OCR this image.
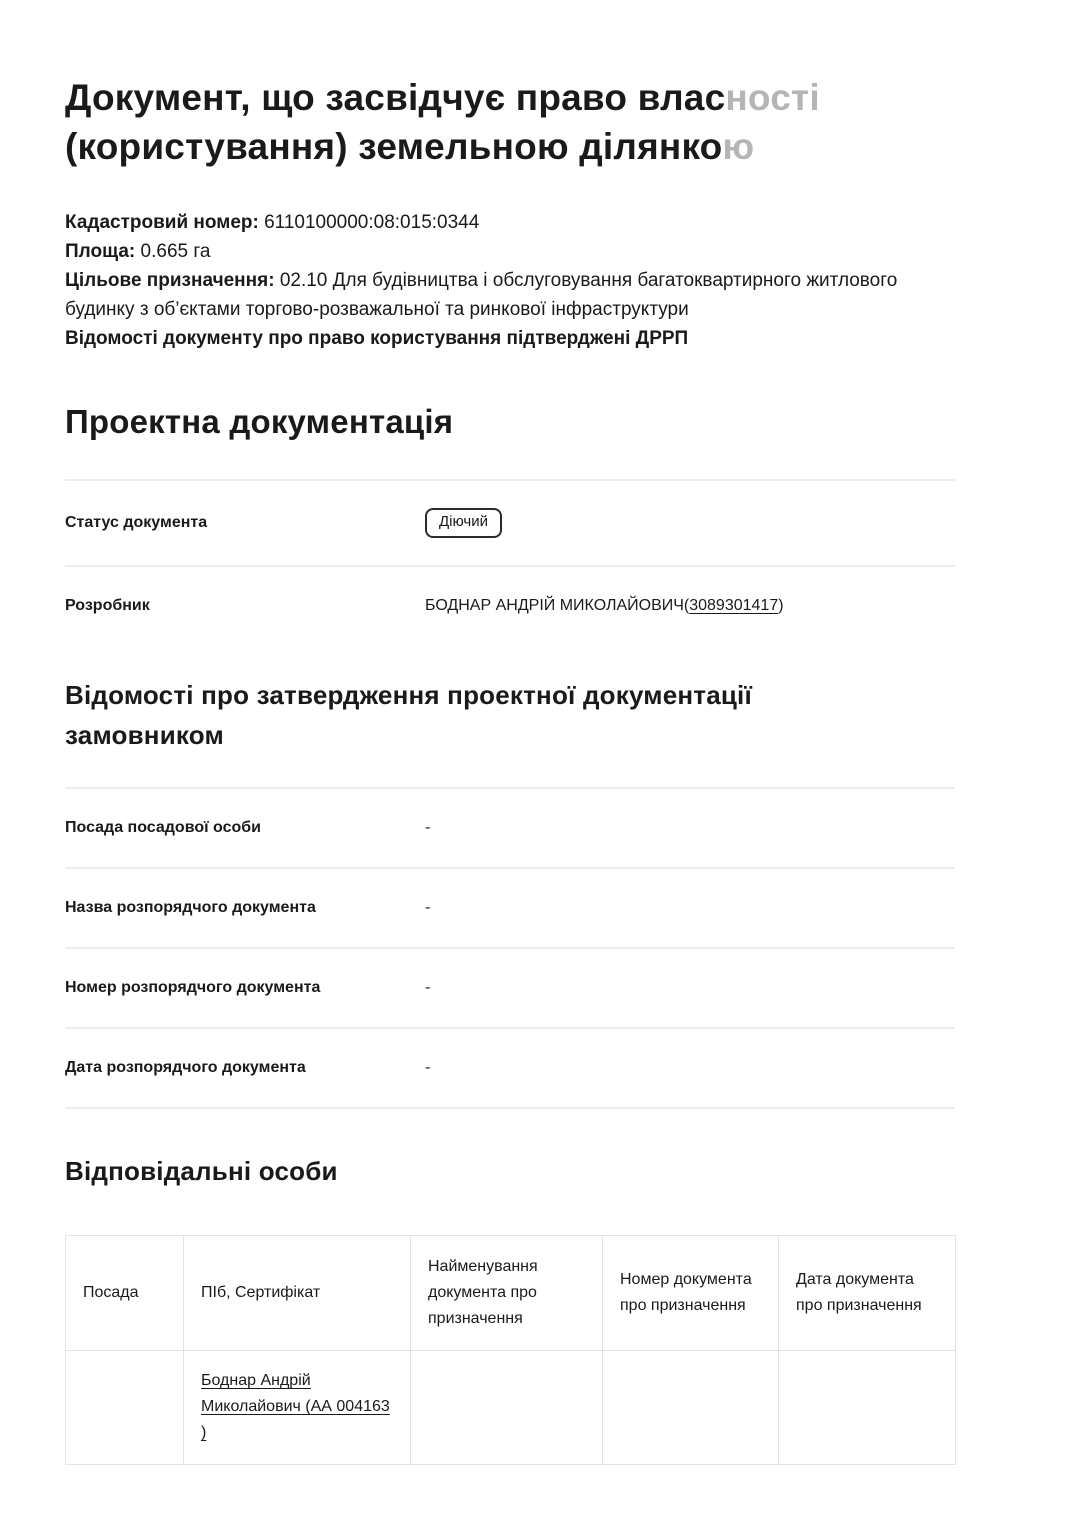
Документ, що засвідчує право власності
(користування) земельною ділянкою
Кадастровий номер: 6110100000:08:015:0344
Площа: 0.665 га
Цільове призначення: 02.10 Для будівництва і обслуговування багатоквартирного житлового будинку з об’єктами торгово-розважальної та ринкової інфраструктури
Відомості документу про право користування підтверджені ДРРП
Проектна документація
Статус документа	Діючий
Розробник	БОДНАР АНДРІЙ МИКОЛАЙОВИЧ(3089301417)
Відомості про затвердження проектної документації замовником
Посада посадової особи	-
Назва розпорядчого документа	-
Номер розпорядчого документа	-
Дата розпорядчого документа	-
Відповідальні особи
Посада	ПІб, Сертифікат	Найменування документа про призначення	Номер документа про призначення	Дата документа про призначення
	Боднар Андрій Миколайович (АА 004163 )			
